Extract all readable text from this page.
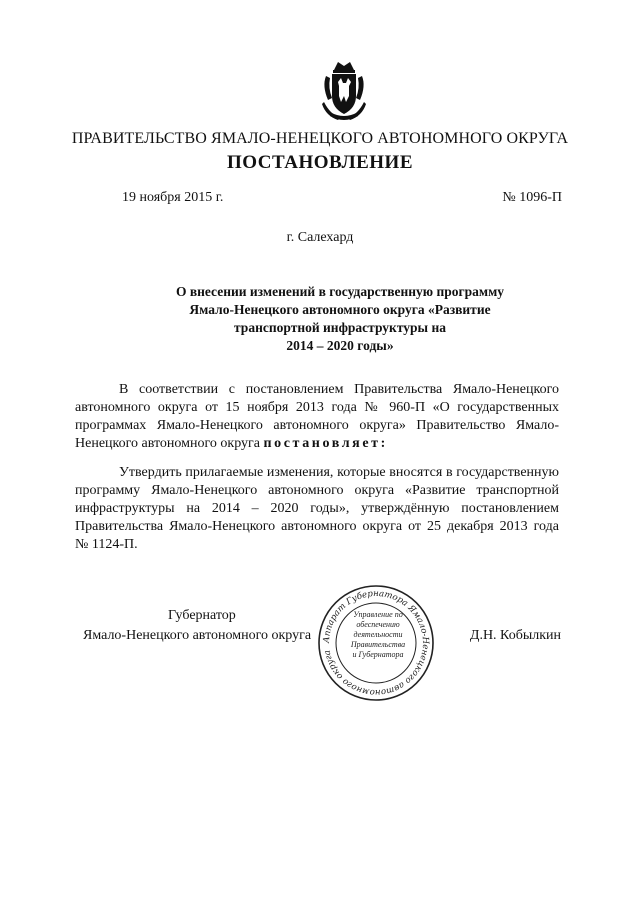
ПРАВИТЕЛЬСТВО ЯМАЛО-НЕНЕЦКОГО АВТОНОМНОГО ОКРУГА
ПОСТАНОВЛЕНИЕ
19 ноября 2015 г.	№ 1096-П
г. Салехард
О внесении изменений в государственную программу
Ямало-Ненецкого автономного округа «Развитие
транспортной инфраструктуры на
2014 – 2020 годы»
В соответствии с постановлением Правительства Ямало-Ненецкого
автономного округа от 15 ноября 2013 года № 960-П «О государственных
программах Ямало-Ненецкого автономного округа» Правительство Ямало-
Ненецкого автономного округа постановляет:
Утвердить прилагаемые изменения, которые вносятся в государственную
программу Ямало-Ненецкого автономного округа «Развитие транспортной
инфраструктуры на 2014 – 2020 годы», утверждённую постановлением
Правительства Ямало-Ненецкого автономного округа от 25 декабря 2013 года
№ 1124-П.
Губернатор
Ямало-Ненецкого автономного округа	Д.Н. Кобылкин
Аппарат Губернатора Ямало-Ненецкого автономного округа
Управление по
обеспечению
деятельности
Правительства
и Губернатора
